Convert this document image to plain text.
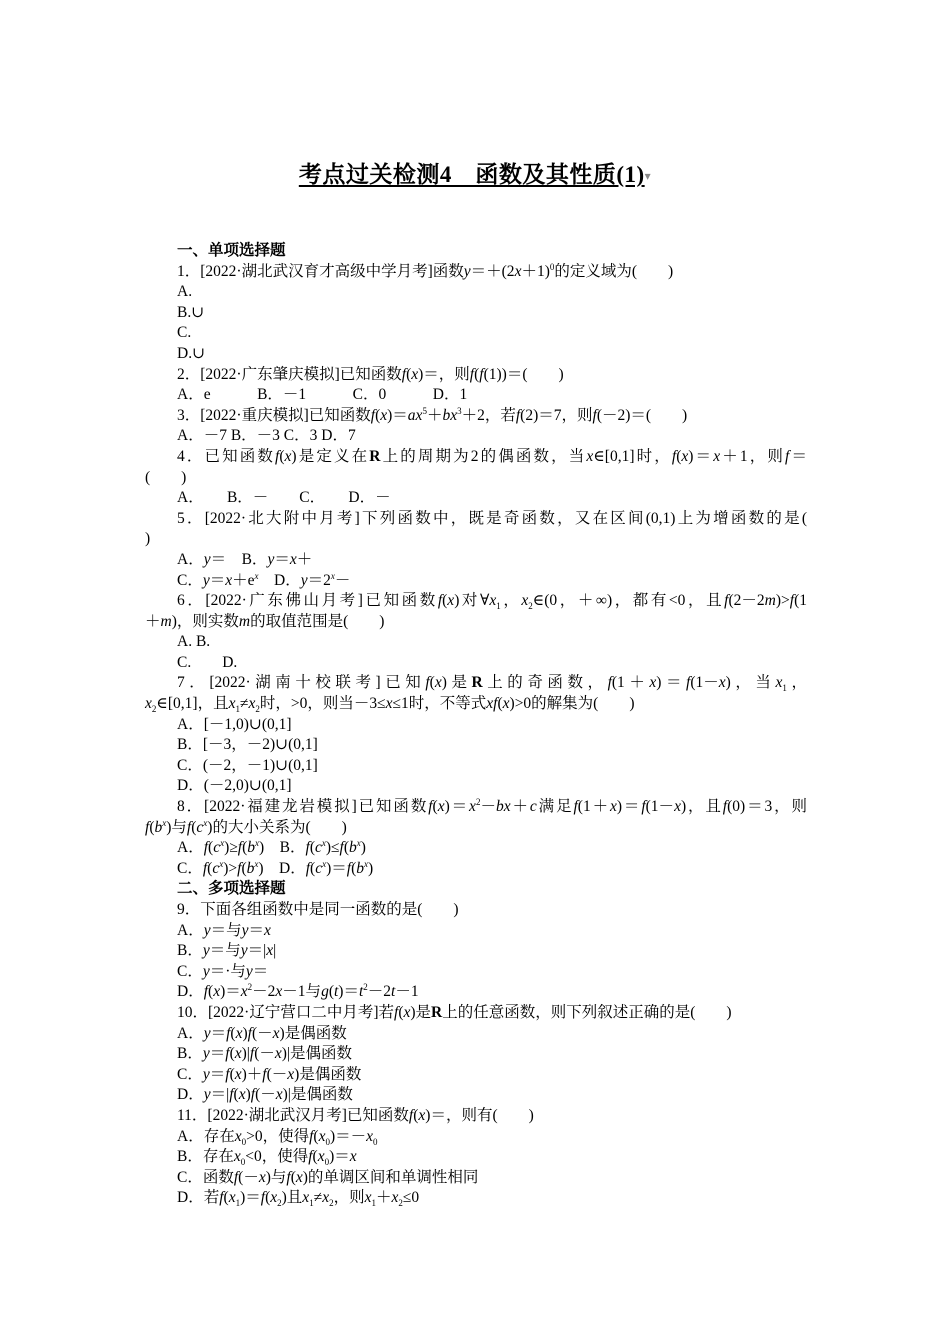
考点过关检测4　函数及其性质(1)▾
一、单项选择题
1．[2022·湖北武汉育才高级中学月考]函数$y=+(2x+1)^0$的定义域为(　　)
A.
B.∪
C.
D.∪
2．[2022·广东肇庆模拟]已知函数f(x)＝，则f(f(1))＝(　　)
A．e　　　B．－1　　　C．0　　　D．1
3．[2022·重庆模拟]已知函数$f(x)=ax^5+bx^3+2$，若f(2)＝7，则f(－2)＝(　　)
A．－7 B．－3 C．3 D．7
4．已知函数f(x)是定义在R上的周期为2的偶函数，当x∈[0,1]时，f(x)＝x＋1，则f＝
(　　)
A．　　B．－　　C．　　D．－
5．[2022·北大附中月考]下列函数中，既是奇函数，又在区间(0,1)上为增函数的是(
)
A．y＝　B．y＝x＋
C．$y=x+e^x$　D．$y=2^x-$
6．[2022·广东佛山月考]已知函数f(x)对$\forall x_1$，$x_2\in(0$，＋∞)，都有<0，且f(2－2m)>f(1
＋m)，则实数m的取值范围是(　　)
A. B.
C.　　D.
7．[2022·湖南十校联考]已知f(x)是R上的奇函数，f(1＋x)＝f(1－x)，当$x_1$，
$x_2\in[0,1]$，且$x_1\ne x_2$时，>0，则当－3≤x≤1时，不等式xf(x)>0的解集为(　　)
A．[－1,0)∪(0,1]
B．[－3，－2)∪(0,1]
C．(－2，－1)∪(0,1]
D．(－2,0)∪(0,1]
8．[2022·福建龙岩模拟]已知函数$f(x)=x^2-bx+c$满足f(1＋x)＝f(1－x)，且f(0)＝3，则
$f(b^x)$与$f(c^x)$的大小关系为(　　)
A．$f(c^x)\ge f(b^x)$　B．$f(c^x)\le f(b^x)$
C．$f(c^x)>f(b^x)$　D．$f(c^x)=f(b^x)$
二、多项选择题
9．下面各组函数中是同一函数的是(　　)
A．y＝与y＝x
B．y＝与y＝|x|
C．y＝·与y＝
D．$f(x)=x^2-2x-1$与$g(t)=t^2-2t-1$
10．[2022·辽宁营口二中月考]若f(x)是R上的任意函数，则下列叙述正确的是(　　)
A．y＝f(x)f(－x)是偶函数
B．y＝f(x)|f(－x)|是偶函数
C．y＝f(x)＋f(－x)是偶函数
D．y＝|f(x)f(－x)|是偶函数
11．[2022·湖北武汉月考]已知函数f(x)＝，则有(　　)
A．存在$x_0>0$，使得$f(x_0)=-x_0$
B．存在$x_0<0$，使得$f(x_0)=x$
C．函数f(－x)与f(x)的单调区间和单调性相同
D．若$f(x_1)=f(x_2)$且$x_1\ne x_2$，则$x_1+x_2\le 0$
